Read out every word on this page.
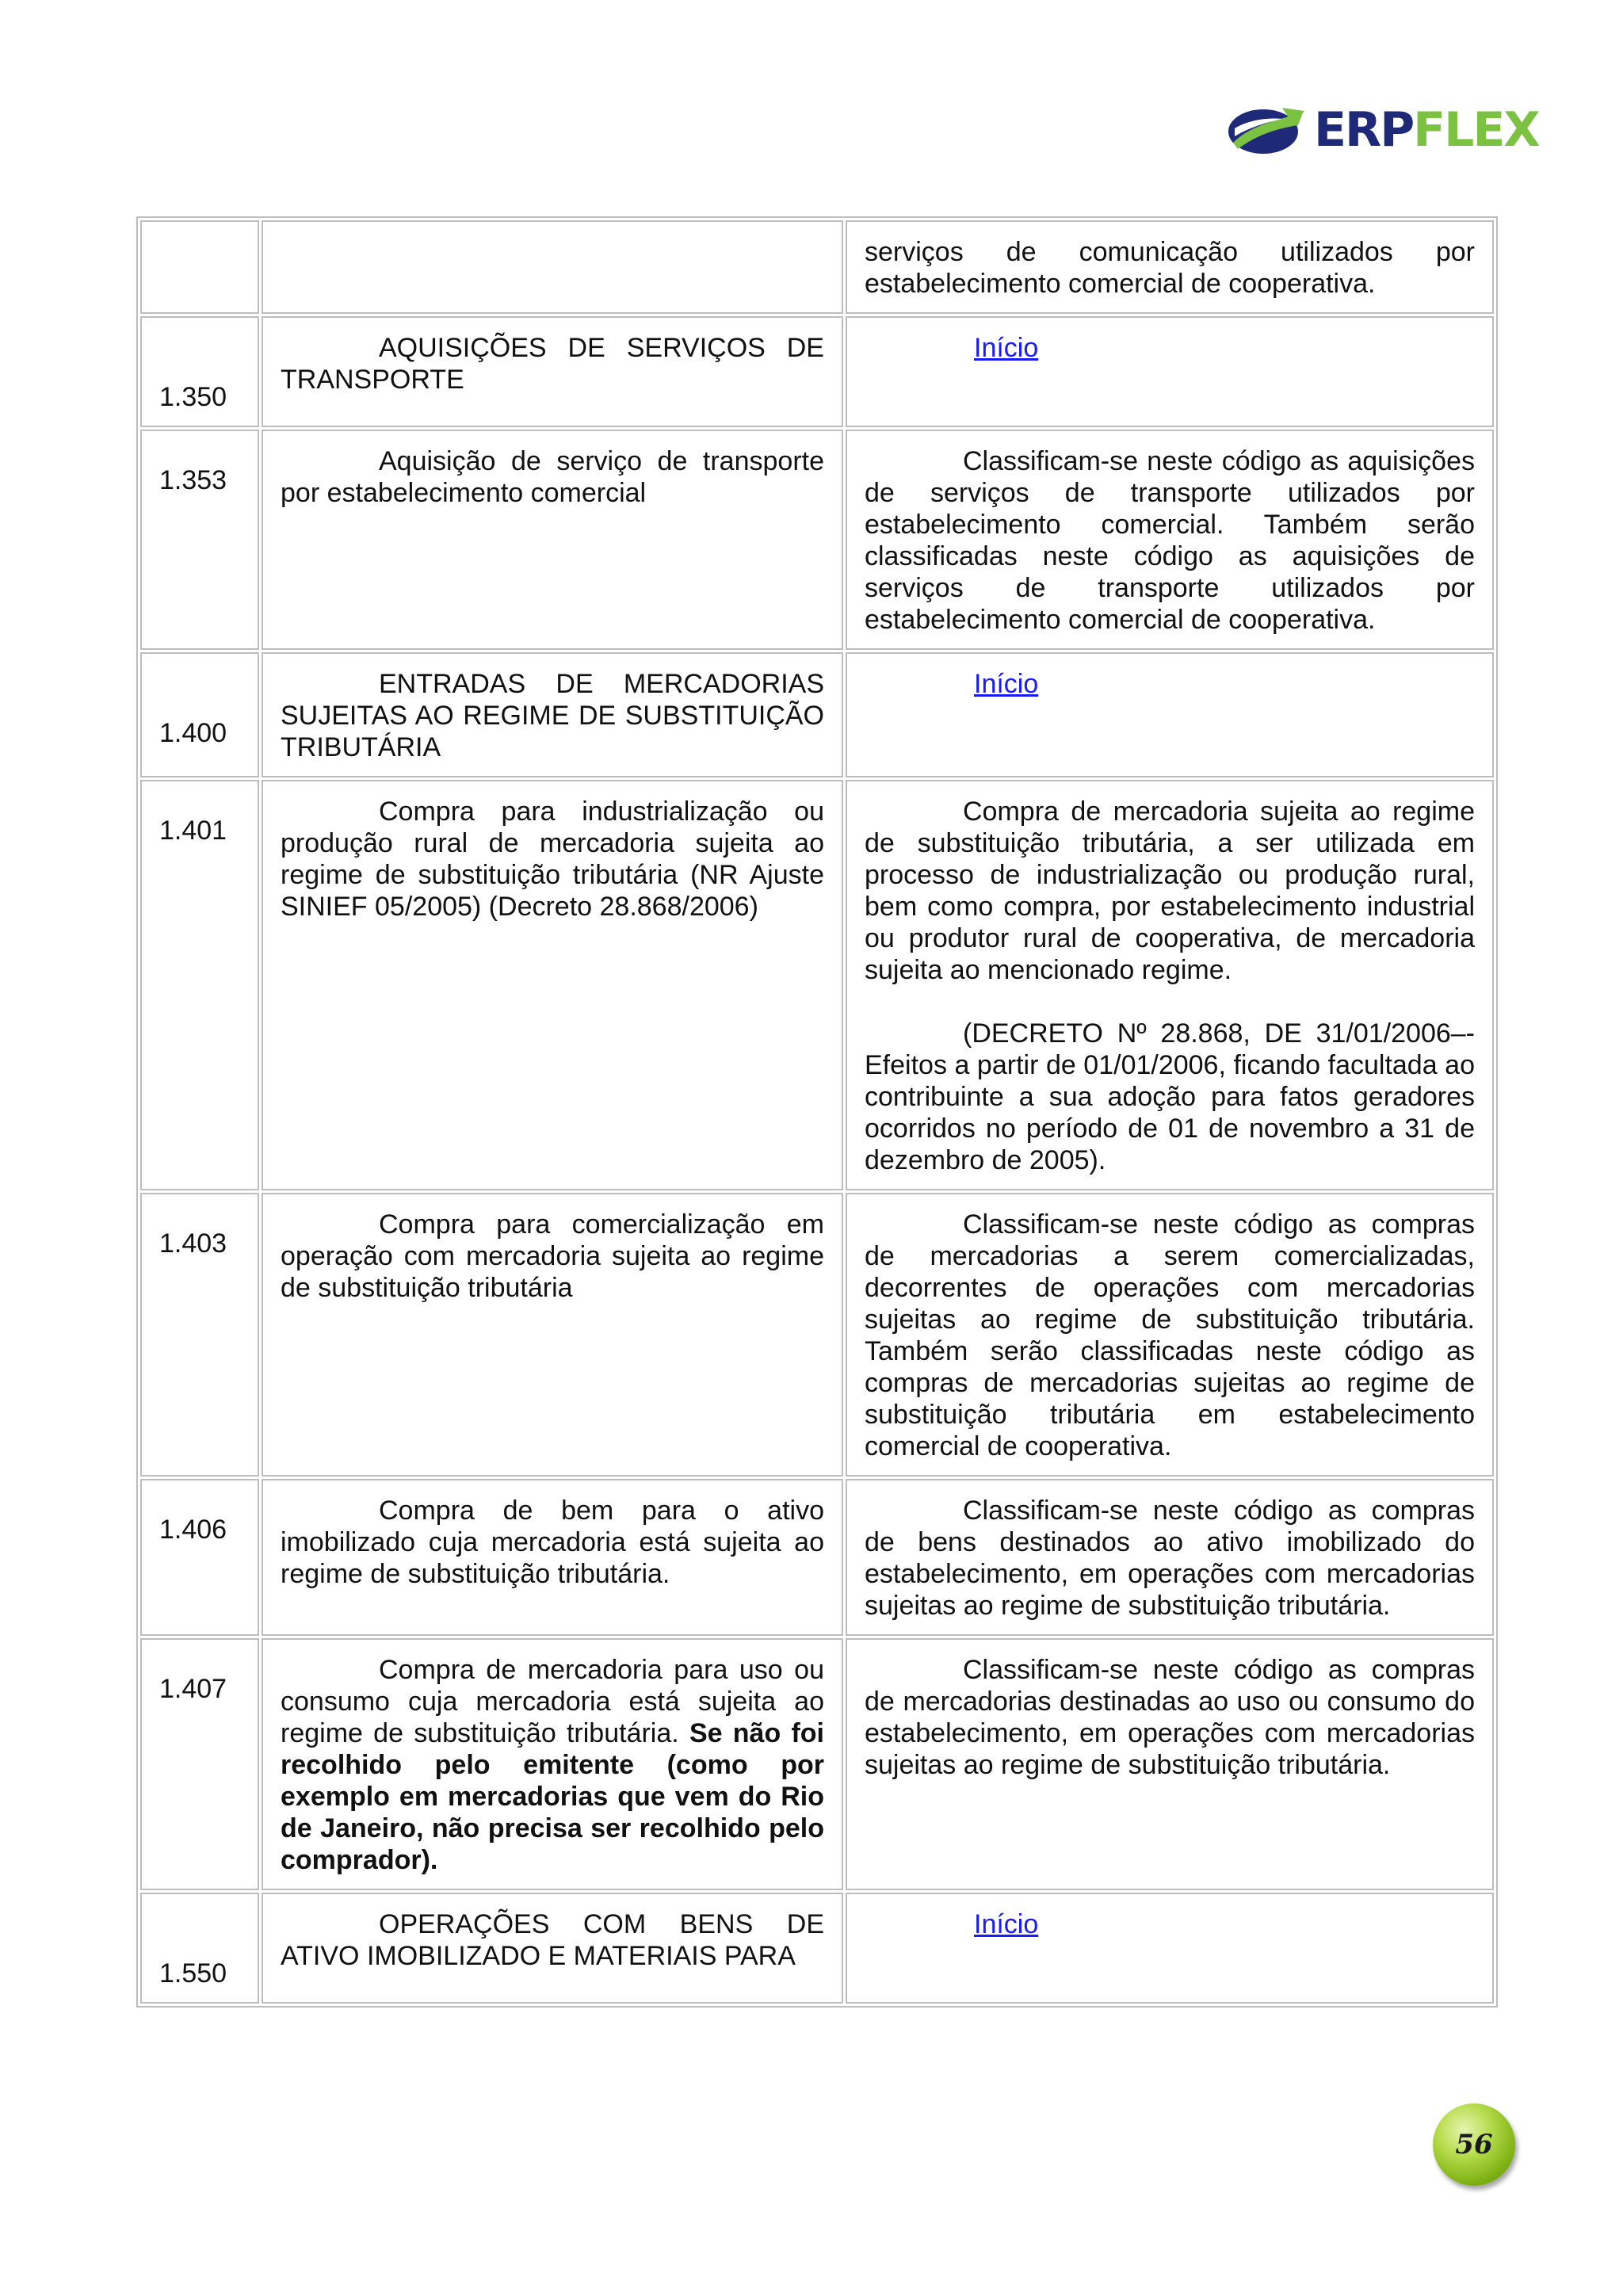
ERPFLEX

		serviços de comunicação utilizados por estabelecimento comercial de cooperativa.

1.350	AQUISIÇÕES DE SERVIÇOS DE TRANSPORTE	Início

1.353	Aquisição de serviço de transporte por estabelecimento comercial	Classificam-se neste código as aquisições de serviços de transporte utilizados por estabelecimento comercial. Também serão classificadas neste código as aquisições de serviços de transporte utilizados por estabelecimento comercial de cooperativa.

1.400	ENTRADAS DE MERCADORIAS SUJEITAS AO REGIME DE SUBSTITUIÇÃO TRIBUTÁRIA	Início

1.401	Compra para industrialização ou produção rural de mercadoria sujeita ao regime de substituição tributária (NR Ajuste SINIEF 05/2005) (Decreto 28.868/2006)	Compra de mercadoria sujeita ao regime de substituição tributária, a ser utilizada em processo de industrialização ou produção rural, bem como compra, por estabelecimento industrial ou produtor rural de cooperativa, de mercadoria sujeita ao mencionado regime.
(DECRETO Nº 28.868, DE 31/01/2006–- Efeitos a partir de 01/01/2006, ficando facultada ao contribuinte a sua adoção para fatos geradores ocorridos no período de 01 de novembro a 31 de dezembro de 2005).

1.403	Compra para comercialização em operação com mercadoria sujeita ao regime de substituição tributária	Classificam-se neste código as compras de mercadorias a serem comercializadas, decorrentes de operações com mercadorias sujeitas ao regime de substituição tributária. Também serão classificadas neste código as compras de mercadorias sujeitas ao regime de substituição tributária em estabelecimento comercial de cooperativa.

1.406	Compra de bem para o ativo imobilizado cuja mercadoria está sujeita ao regime de substituição tributária.	Classificam-se neste código as compras de bens destinados ao ativo imobilizado do estabelecimento, em operações com mercadorias sujeitas ao regime de substituição tributária.

1.407	Compra de mercadoria para uso ou consumo cuja mercadoria está sujeita ao regime de substituição tributária. Se não foi recolhido pelo emitente (como por exemplo em mercadorias que vem do Rio de Janeiro, não precisa ser recolhido pelo comprador).	Classificam-se neste código as compras de mercadorias destinadas ao uso ou consumo do estabelecimento, em operações com mercadorias sujeitas ao regime de substituição tributária.

1.550	OPERAÇÕES COM BENS DE ATIVO IMOBILIZADO E MATERIAIS PARA	Início
56
